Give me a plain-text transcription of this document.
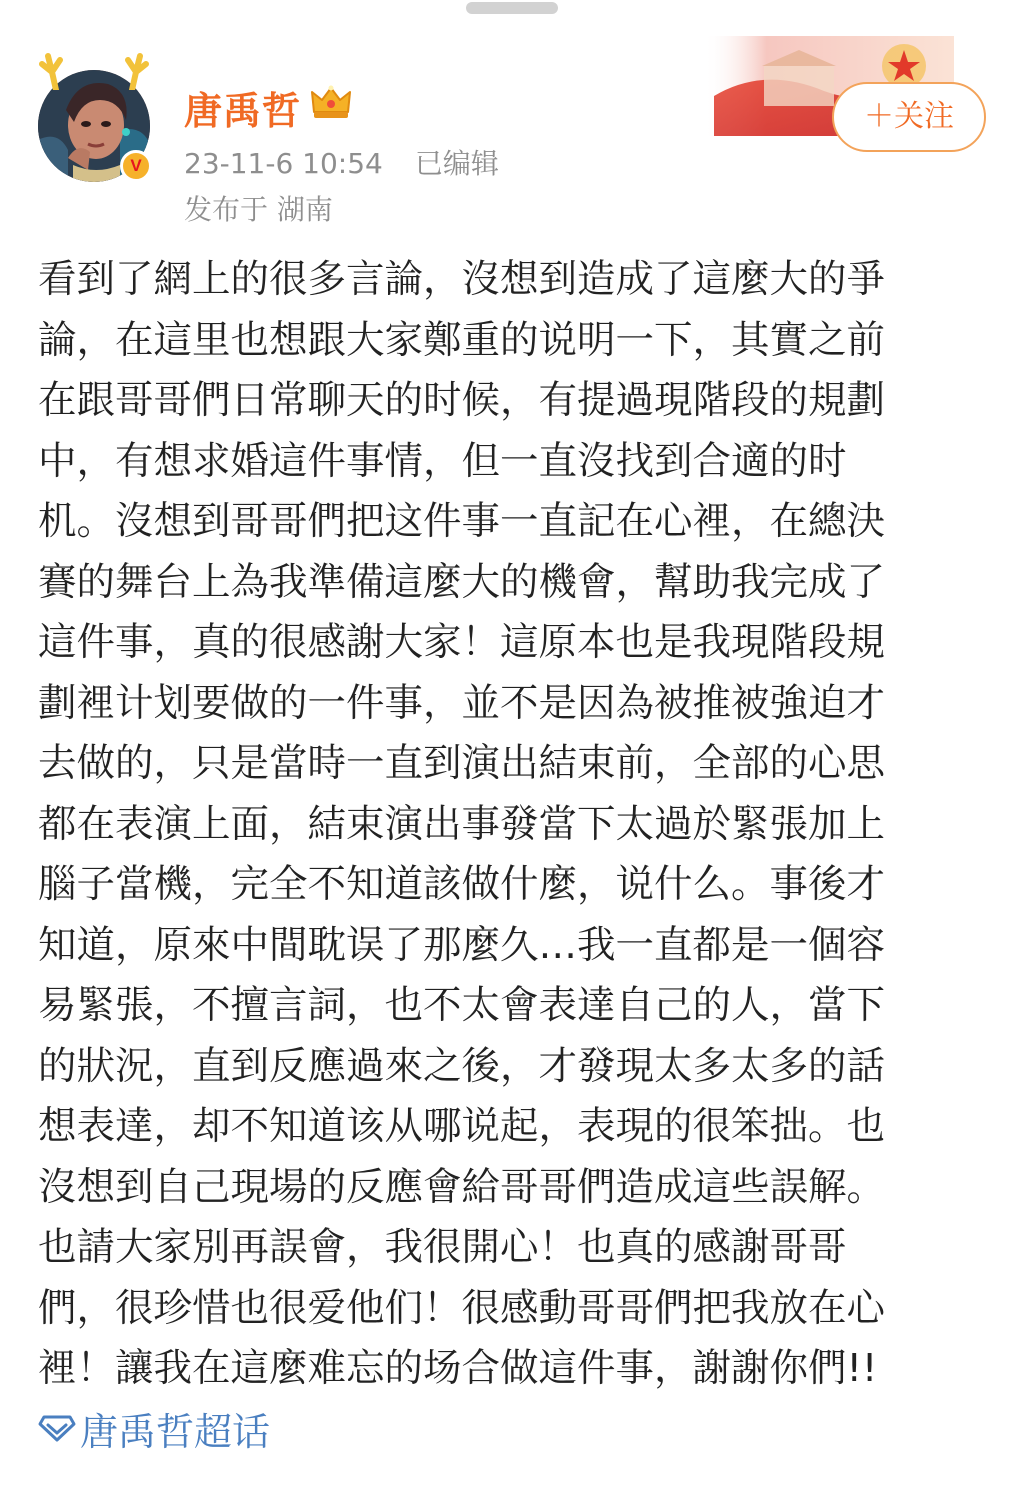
V
唐禹哲
23-11-6 10:54 已编辑
发布于 湖南
＋关注
看到了網上的很多言論，沒想到造成了這麼大的爭
論，在這里也想跟大家鄭重的说明一下，其實之前
在跟哥哥們日常聊天的时候，有提過現階段的規劃
中，有想求婚這件事情，但一直沒找到合適的时
机。沒想到哥哥們把这件事一直記在心裡，在總決
賽的舞台上為我準備這麼大的機會，幫助我完成了
這件事，真的很感謝大家！這原本也是我現階段規
劃裡计划要做的一件事，並不是因為被推被強迫才
去做的，只是當時一直到演出結束前，全部的心思
都在表演上面，結束演出事發當下太過於緊張加上
腦子當機，完全不知道該做什麼，说什么。事後才
知道，原來中間耽误了那麼久…我一直都是一個容
易緊張，不擅言詞，也不太會表達自己的人，當下
的狀況，直到反應過來之後，才發現太多太多的話
想表達，却不知道该从哪说起，表現的很笨拙。也
沒想到自己現場的反應會給哥哥們造成這些誤解。
也請大家別再誤會，我很開心！也真的感謝哥哥
們，很珍惜也很爱他们！很感動哥哥們把我放在心
裡！讓我在這麼难忘的场合做這件事，謝謝你們!!
唐禹哲超话
